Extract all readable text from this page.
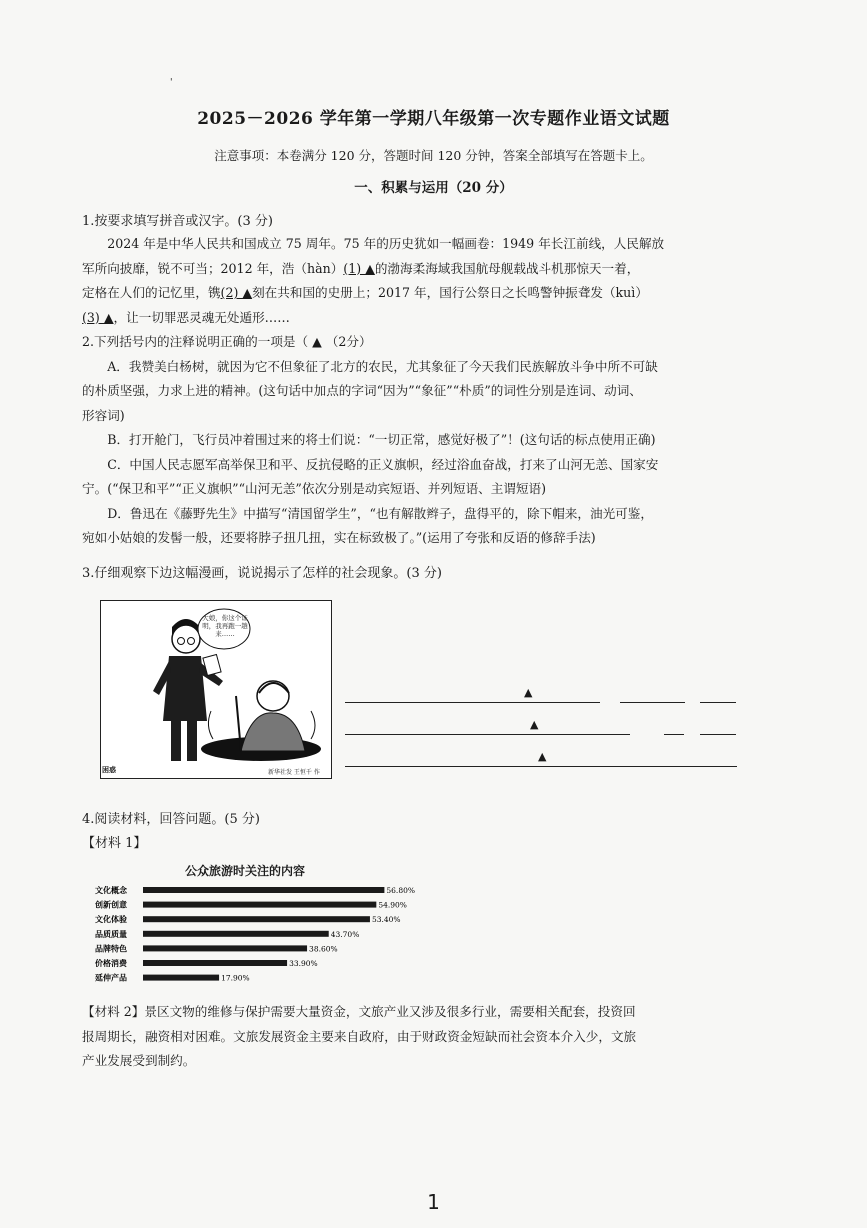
'
2025－2026 学年第一学期八年级第一次专题作业语文试题
注意事项：本卷满分 120 分，答题时间 120 分钟，答案全部填写在答题卡上。
一、积累与运用（20 分）
1.按要求填写拼音或汉字。(3 分)
2024 年是中华人民共和国成立 75 周年。75 年的历史犹如一幅画卷：1949 年长江前线，人民解放
军所向披靡，锐不可当；2012 年，浩（hàn）(1) ▲的渤海柔海域我国航母舰载战斗机那惊天一着，
定格在人们的记忆里，镌(2) ▲刻在共和国的史册上；2017 年，国行公祭日之长鸣警钟振聋发（kuì）
(3) ▲，让一切罪恶灵魂无处遁形……
2.下列括号内的注释说明正确的一项是（ ▲ （2分）
A．我赞美白杨树，就因为它不但象征了北方的农民，尤其象征了今天我们民族解放斗争中所不可缺
的朴质坚强，力求上进的精神。(这句话中加点的字词“因为”“象征”“朴质”的词性分别是连词、动词、
形容词)
B．打开舱门，飞行员冲着围过来的将士们说：“一切正常，感觉好极了”！(这句话的标点使用正确)
C．中国人民志愿军高举保卫和平、反抗侵略的正义旗帜，经过浴血奋战，打来了山河无恙、国家安
宁。(“保卫和平”“正义旗帜”“山河无恙”依次分别是动宾短语、并列短语、主谓短语)
D．鲁迅在《藤野先生》中描写“清国留学生”，“也有解散辫子，盘得平的，除下帽来，油光可鉴，
宛如小姑娘的发髻一般，还要将脖子扭几扭，实在标致极了。”(运用了夸张和反语的修辞手法)
3.仔细观察下边这幅漫画，说说揭示了怎样的社会现象。(3 分)
大娘，你这个证明，我再跑一趟来……
困惑	新华社发 王恒千 作
▲
▲
▲
4.阅读材料，回答问题。(5 分)
【材料 1】
公众旅游时关注的内容
文化概念	56.80%
创新创意	54.90%
文化体验	53.40%
品质质量	43.70%
品牌特色	38.60%
价格消费	33.90%
延伸产品	17.90%
【材料 2】景区文物的维修与保护需要大量资金，文旅产业又涉及很多行业，需要相关配套，投资回
报周期长，融资相对困难。文旅发展资金主要来自政府，由于财政资金短缺而社会资本介入少，文旅
产业发展受到制约。
1
